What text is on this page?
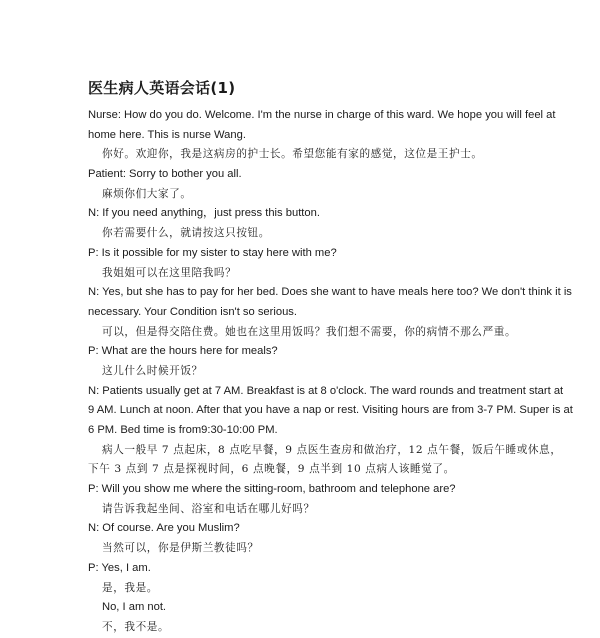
医生病人英语会话(1)
Nurse: How do you do. Welcome. I'm the nurse in charge of this ward. We hope you will feel at
home here. This is nurse Wang.
你好。欢迎你，我是这病房的护士长。希望您能有家的感觉，这位是王护士。
Patient: Sorry to bother you all.
麻烦你们大家了。
N: If you need anything，just press this button.
你若需要什么，就请按这只按钮。
P: Is it possible for my sister to stay here with me?
我姐姐可以在这里陪我吗？
N: Yes, but she has to pay for her bed. Does she want to have meals here too? We don't think it is
necessary. Your Condition isn't so serious.
可以，但是得交陪住费。她也在这里用饭吗？我们想不需要，你的病情不那么严重。
P: What are the hours here for meals?
这儿什么时候开饭？
N: Patients usually get at 7 AM. Breakfast is at 8 o'clock. The ward rounds and treatment start at
9 AM. Lunch at noon. After that you have a nap or rest. Visiting hours are from 3-7 PM. Super is at
6 PM. Bed time is from9:30-10:00 PM.
病人一般早 7 点起床，8 点吃早餐，9 点医生查房和做治疗，12 点午餐，饭后午睡或休息，
下午 3 点到 7 点是探视时间，6 点晚餐，9 点半到 10 点病人该睡觉了。
P: Will you show me where the sitting-room, bathroom and telephone are?
请告诉我起坐间、浴室和电话在哪儿好吗？
N: Of course. Are you Muslim?
当然可以，你是伊斯兰教徒吗？
P: Yes, I am.
是，我是。
No, I am not.
不，我不是。
